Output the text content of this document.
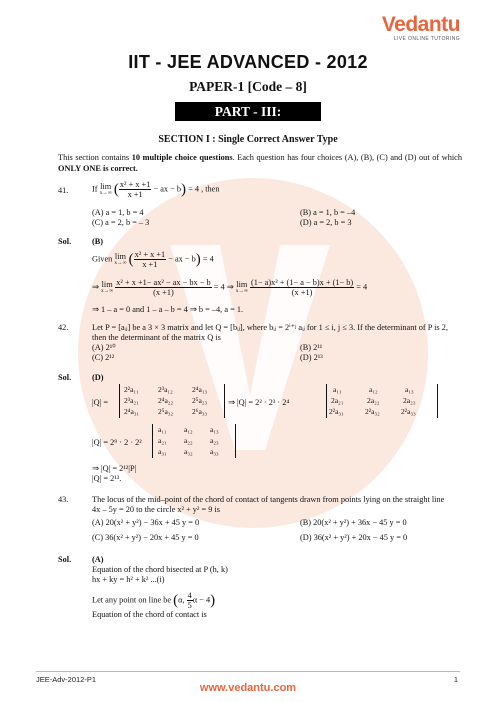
Vedantu
LIVE ONLINE TUTORING
IIT - JEE ADVANCED - 2012
PAPER-1 [Code – 8]
PART - III: MATHEMATICS
SECTION I : Single Correct Answer Type
This section contains 10 multiple choice questions. Each question has four choices (A), (B), (C) and (D) out of which ONLY ONE is correct.
41.	If lim
x→∞ ( $\frac{\text{x² + x +1}}{x +1}$ − ax − b) = 4 , then
(A) a = 1, b = 4	(B) a = 1, b = –4
(C) a = 2, b = – 3	(D) a = 2, b = 3
Sol.	(B)
Given lim
x→∞ ( $\frac{\text{x² + x +1}}{x +1}$ − ax − b) = 4
⇒ lim
x→∞
$\frac{\text{x² + x +1− ax² − ax − bx − b}}{(x +1)} = 4$ ⇒ lim
x→∞
$\frac{\text{(1− a)x² + (1− a − b)x + (1− b)}}{(x +1)} = 4$
⇒ 1 – a = 0 and 1 – a – b = 4 ⇒ b = –4, a = 1.
42.	Let P = [aᵢⱼ] be a 3 × 3 matrix and let Q = [bᵢⱼ], where bᵢⱼ = 2ⁱ⁺ʲ aᵢⱼ for 1 ≤ i, j ≤ 3. If the determinant of P is 2,
then the determinant of the matrix Q is
(A) 2¹⁰	(B) 2¹¹
(C) 2¹²	(D) 2¹³
Sol.	(D)
|Q| =
2²a₁₁	2³a₁₂	2⁴a₁₃
2³a₂₁	2⁴a₂₂ 2⁵a₂₃
2⁴a₃₁ 2⁵a₃₂ 2⁶a₃₃
⇒ |Q| = 2² · 2³ · 2⁴
a₁₁	a₁₂	a₁₃
2a₂₁	2a₂₂	2a₂₃
2²a₃₁	2²a₃₂	2²a₃₃
|Q| = 2⁹ · 2 · 2²
a₁₁ a₁₂ a₁₃
a₂₁ a₂₂ a₂₃
a₃₁ a₃₂ a₃₃
⇒ |Q| = 2¹²|P|
|Q| = 2¹³.
43.	The locus of the mid–point of the chord of contact of tangents drawn from points lying on the straight line
4x – 5y = 20 to the circle x² + y² = 9 is
(A) 20(x² + y²) − 36x + 45 y = 0	(B) 20(x² + y²) + 36x − 45 y = 0
(C) 36(x² + y²) − 20x + 45 y = 0	(D) 36(x² + y²) + 20x − 45 y = 0
Sol.	(A)
Equation of the chord bisected at P (h, k)
hx + ky = h² + k² ...(i)
Let any point on line be (α, $\frac{4}{5}$ α − 4)
Equation of the chord of contact is
JEE-Adv-2012-P1
www.vedantu.com
1
